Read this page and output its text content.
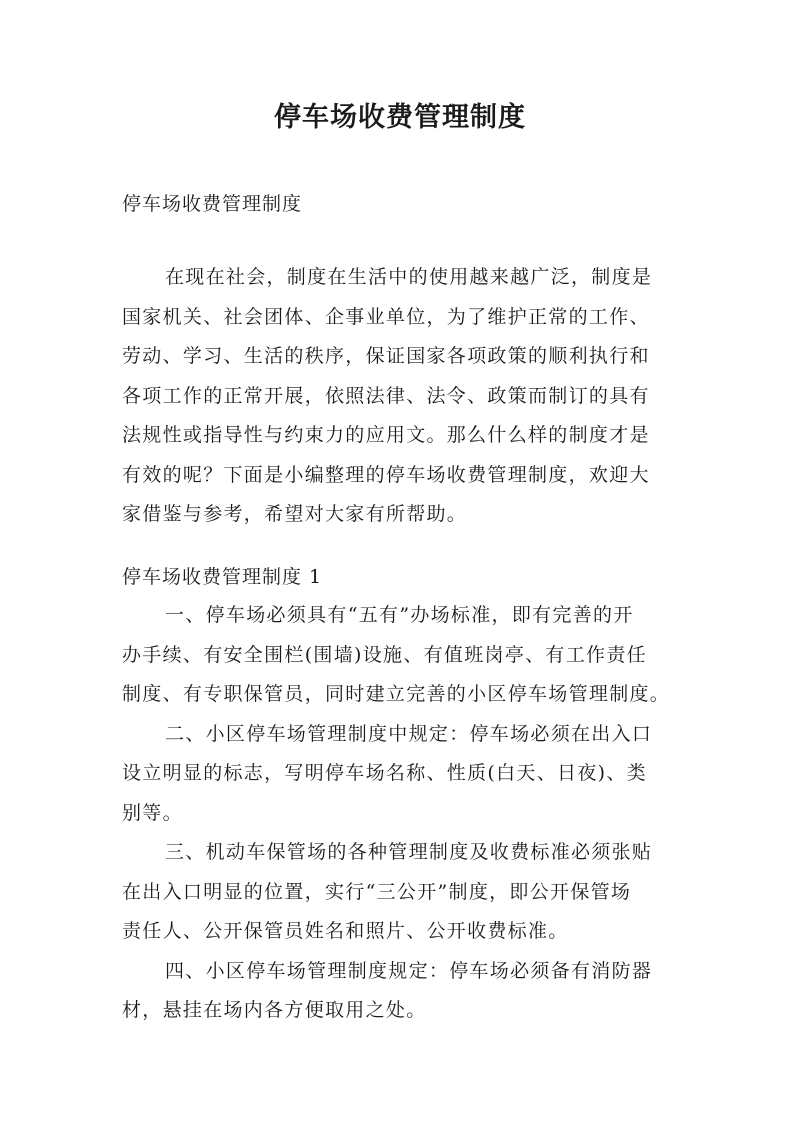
停车场收费管理制度
停车场收费管理制度
在现在社会，制度在生活中的使用越来越广泛，制度是
国家机关、社会团体、企事业单位，为了维护正常的工作、
劳动、学习、生活的秩序，保证国家各项政策的顺利执行和
各项工作的正常开展，依照法律、法令、政策而制订的具有
法规性或指导性与约束力的应用文。那么什么样的制度才是
有效的呢？下面是小编整理的停车场收费管理制度，欢迎大
家借鉴与参考，希望对大家有所帮助。
停车场收费管理制度 1
一、停车场必须具有“五有”办场标准，即有完善的开
办手续、有安全围栏(围墙)设施、有值班岗亭、有工作责任
制度、有专职保管员，同时建立完善的小区停车场管理制度。
二、小区停车场管理制度中规定：停车场必须在出入口
设立明显的标志，写明停车场名称、性质(白天、日夜)、类
别等。
三、机动车保管场的各种管理制度及收费标准必须张贴
在出入口明显的位置，实行“三公开”制度，即公开保管场
责任人、公开保管员姓名和照片、公开收费标准。
四、小区停车场管理制度规定：停车场必须备有消防器
材，悬挂在场内各方便取用之处。
